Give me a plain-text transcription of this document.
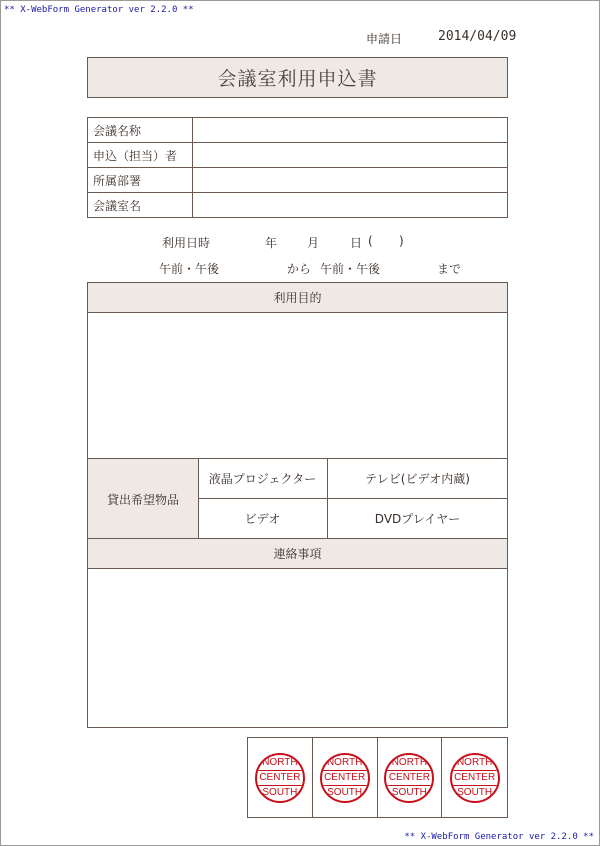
** X-WebForm Generator ver 2.2.0 **
申請日	2014/04/09
会議室利用申込書
会議名称	
申込（担当）者	
所属部署	
会議室名	
利用日時	年 月	日 ( )
午前・午後	から 午前・午後	まで
利用目的
貸出希望物品
液晶プロジェクター	テレビ(ビデオ内蔵)
ビデオ	DVDプレイヤー
連絡事項
NORTH
CENTER
SOUTH
NORTH
CENTER
SOUTH
NORTH
CENTER
SOUTH
NORTH
CENTER
SOUTH
** X-WebForm Generator ver 2.2.0 **
